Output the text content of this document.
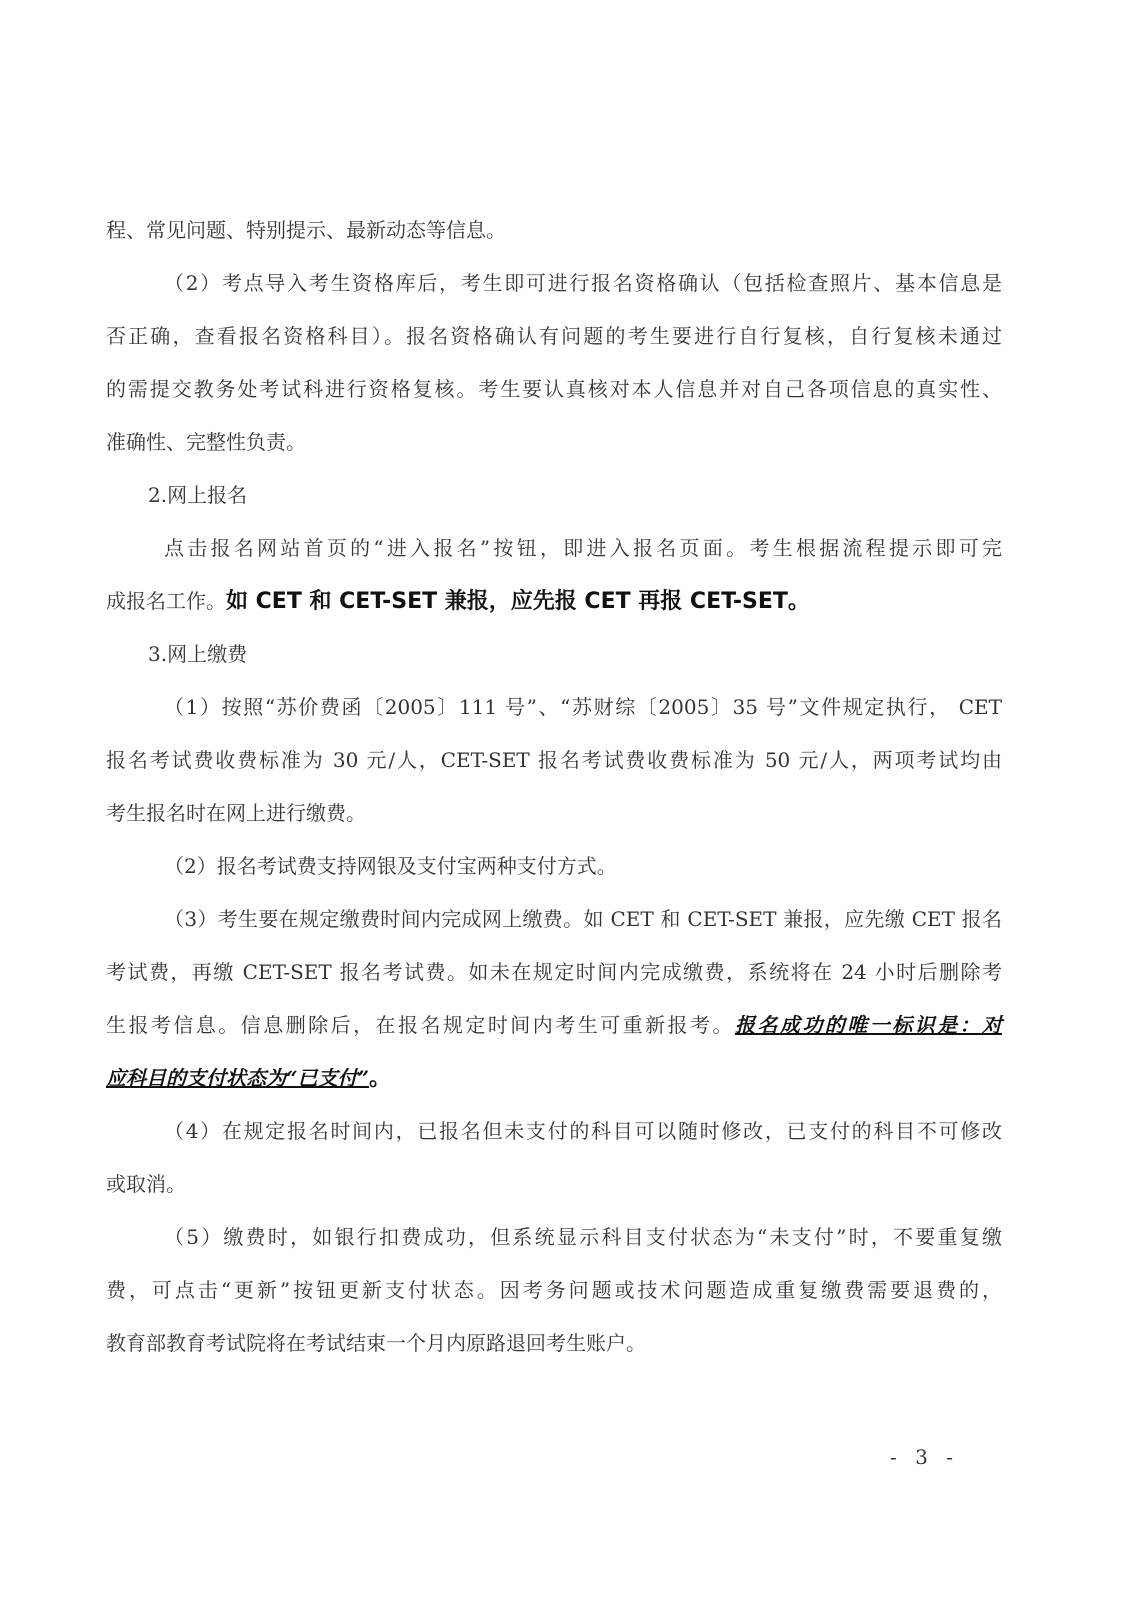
程、常见问题、特别提示、最新动态等信息。
（2）考点导入考生资格库后，考生即可进行报名资格确认（包括检查照片、基本信息是
否正确，查看报名资格科目）。报名资格确认有问题的考生要进行自行复核，自行复核未通过
的需提交教务处考试科进行资格复核。考生要认真核对本人信息并对自己各项信息的真实性、
准确性、完整性负责。
2.网上报名
点击报名网站首页的“进入报名”按钮，即进入报名页面。考生根据流程提示即可完
成报名工作。如 CET 和 CET-SET 兼报，应先报 CET 再报 CET-SET。
3.网上缴费
（1）按照“苏价费函〔2005〕111 号”、“苏财综〔2005〕35 号”文件规定执行， CET
报名考试费收费标准为 30 元/人，CET-SET 报名考试费收费标准为 50 元/人，两项考试均由
考生报名时在网上进行缴费。
（2）报名考试费支持网银及支付宝两种支付方式。
（3）考生要在规定缴费时间内完成网上缴费。如 CET 和 CET-SET 兼报，应先缴 CET 报名
考试费，再缴 CET-SET 报名考试费。如未在规定时间内完成缴费，系统将在 24 小时后删除考
生报考信息。信息删除后，在报名规定时间内考生可重新报考。报名成功的唯一标识是：对
应科目的支付状态为“已支付”。
（4）在规定报名时间内，已报名但未支付的科目可以随时修改，已支付的科目不可修改
或取消。
（5）缴费时，如银行扣费成功，但系统显示科目支付状态为“未支付”时，不要重复缴
费，可点击“更新”按钮更新支付状态。因考务问题或技术问题造成重复缴费需要退费的，
教育部教育考试院将在考试结束一个月内原路退回考生账户。
- 3 -
